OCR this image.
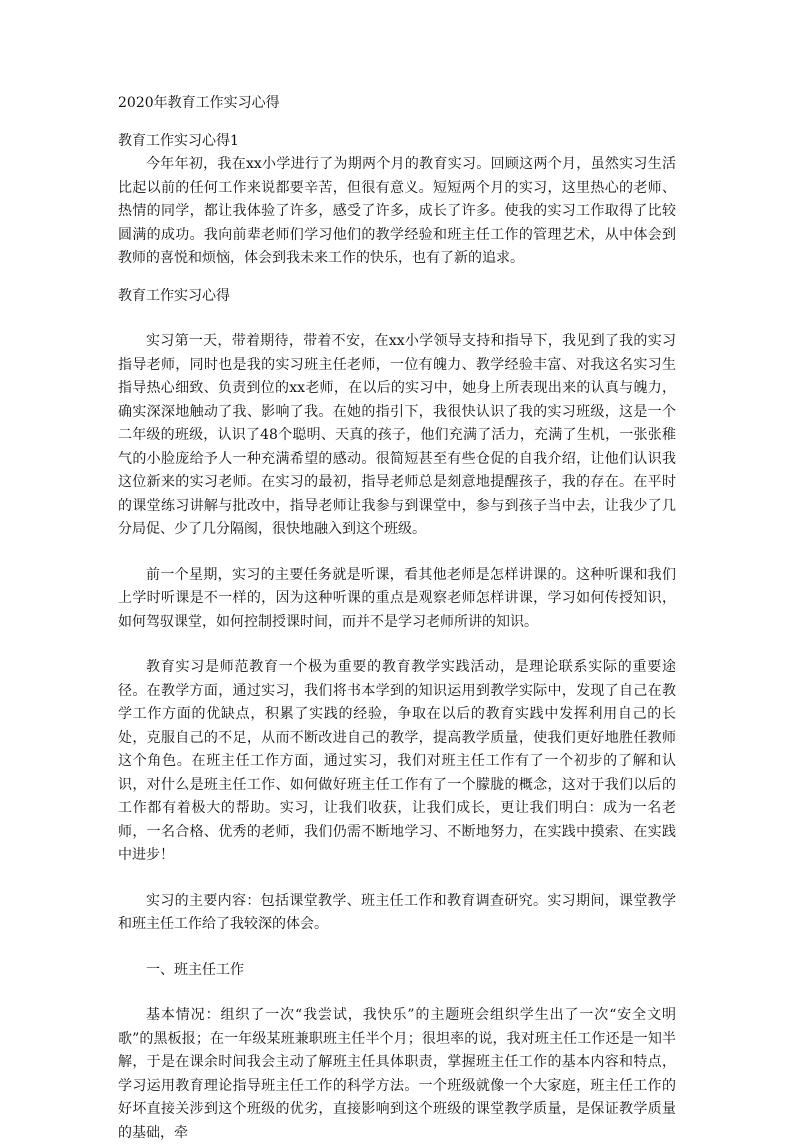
2020年教育工作实习心得
教育工作实习心得1

今年年初，我在xx小学进行了为期两个月的教育实习。回顾这两个月，虽然实习生活比起以前的任何工作来说都要辛苦，但很有意义。短短两个月的实习，这里热心的老师、热情的同学，都让我体验了许多，感受了许多，成长了许多。使我的实习工作取得了比较圆满的成功。我向前辈老师们学习他们的教学经验和班主任工作的管理艺术，从中体会到教师的喜悦和烦恼，体会到我未来工作的快乐，也有了新的追求。

教育工作实习心得

实习第一天，带着期待，带着不安，在xx小学领导支持和指导下，我见到了我的实习指导老师，同时也是我的实习班主任老师，一位有魄力、教学经验丰富、对我这名实习生指导热心细致、负责到位的xx老师，在以后的实习中，她身上所表现出来的认真与魄力，确实深深地触动了我、影响了我。在她的指引下，我很快认识了我的实习班级，这是一个二年级的班级，认识了48个聪明、天真的孩子，他们充满了活力，充满了生机，一张张稚气的小脸庞给予人一种充满希望的感动。很简短甚至有些仓促的自我介绍，让他们认识我这位新来的实习老师。在实习的最初，指导老师总是刻意地提醒孩子，我的存在。在平时的课堂练习讲解与批改中，指导老师让我参与到课堂中，参与到孩子当中去，让我少了几分局促、少了几分隔阂，很快地融入到这个班级。

前一个星期，实习的主要任务就是听课，看其他老师是怎样讲课的。这种听课和我们上学时听课是不一样的，因为这种听课的重点是观察老师怎样讲课，学习如何传授知识，如何驾驭课堂，如何控制授课时间，而并不是学习老师所讲的知识。

教育实习是师范教育一个极为重要的教育教学实践活动，是理论联系实际的重要途径。在教学方面，通过实习，我们将书本学到的知识运用到教学实际中，发现了自己在教学工作方面的优缺点，积累了实践的经验，争取在以后的教育实践中发挥利用自己的长处，克服自己的不足，从而不断改进自己的教学，提高教学质量，使我们更好地胜任教师这个角色。在班主任工作方面，通过实习，我们对班主任工作有了一个初步的了解和认识，对什么是班主任工作、如何做好班主任工作有了一个朦胧的概念，这对于我们以后的工作都有着极大的帮助。实习，让我们收获，让我们成长，更让我们明白：成为一名老师，一名合格、优秀的老师，我们仍需不断地学习、不断地努力，在实践中摸索、在实践中进步！

实习的主要内容：包括课堂教学、班主任工作和教育调查研究。实习期间，课堂教学和班主任工作给了我较深的体会。

一、班主任工作

基本情况：组织了一次“我尝试，我快乐”的主题班会组织学生出了一次“安全文明歌”的黑板报；在一年级某班兼职班主任半个月；很坦率的说，我对班主任工作还是一知半解，于是在课余时间我会主动了解班主任具体职责，掌握班主任工作的基本内容和特点，学习运用教育理论指导班主任工作的科学方法。一个班级就像一个大家庭，班主任工作的好坏直接关涉到这个班级的优劣，直接影响到这个班级的课堂教学质量，是保证教学质量的基础，牵
